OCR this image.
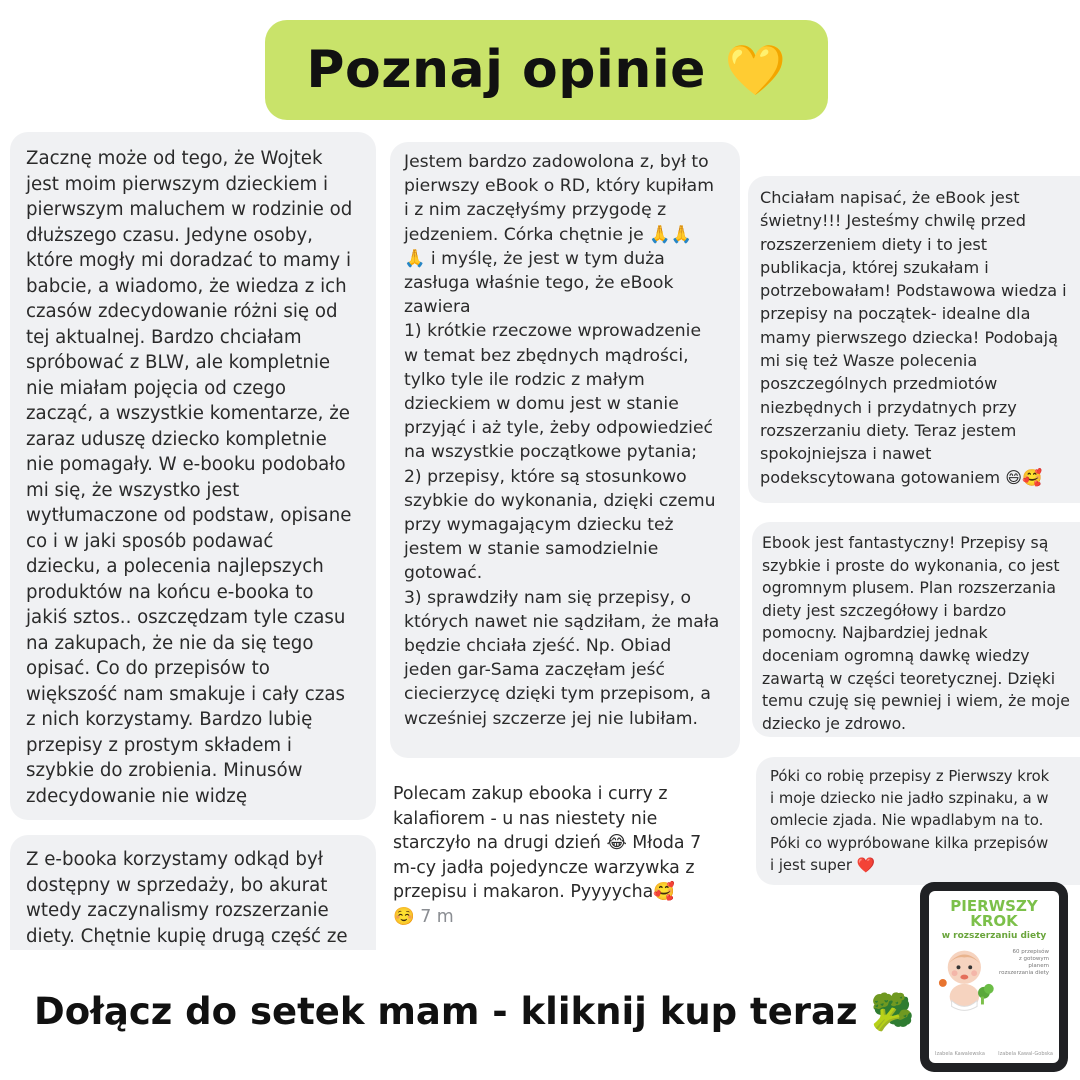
Poznaj opinie 💛
Zacznę może od tego, że Wojtek
jest moim pierwszym dzieckiem i
pierwszym maluchem w rodzinie od
dłuższego czasu. Jedyne osoby,
które mogły mi doradzać to mamy i
babcie, a wiadomo, że wiedza z ich
czasów zdecydowanie różni się od
tej aktualnej. Bardzo chciałam
spróbować z BLW, ale kompletnie
nie miałam pojęcia od czego
zacząć, a wszystkie komentarze, że
zaraz uduszę dziecko kompletnie
nie pomagały. W e-booku podobało
mi się, że wszystko jest
wytłumaczone od podstaw, opisane
co i w jaki sposób podawać
dziecku, a polecenia najlepszych
produktów na końcu e-booka to
jakiś sztos.. oszczędzam tyle czasu
na zakupach, że nie da się tego
opisać. Co do przepisów to
większość nam smakuje i cały czas
z nich korzystamy. Bardzo lubię
przepisy z prostym składem i
szybkie do zrobienia. Minusów
zdecydowanie nie widzę
Z e-booka korzystamy odkąd był
dostępny w sprzedaży, bo akurat
wtedy zaczynalismy rozszerzanie
diety. Chętnie kupię drugą część ze
Jestem bardzo zadowolona z, był to
pierwszy eBook o RD, który kupiłam
i z nim zaczęłyśmy przygodę z
jedzeniem. Córka chętnie je 🙏🙏
🙏 i myślę, że jest w tym duża
zasługa właśnie tego, że eBook
zawiera
1) krótkie rzeczowe wprowadzenie
w temat bez zbędnych mądrości,
tylko tyle ile rodzic z małym
dzieckiem w domu jest w stanie
przyjąć i aż tyle, żeby odpowiedzieć
na wszystkie początkowe pytania;
2) przepisy, które są stosunkowo
szybkie do wykonania, dzięki czemu
przy wymagającym dziecku też
jestem w stanie samodzielnie
gotować.
3) sprawdziły nam się przepisy, o
których nawet nie sądziłam, że mała
będzie chciała zjeść. Np. Obiad
jeden gar-Sama zaczęłam jeść
ciecierzycę dzięki tym przepisom, a
wcześniej szczerze jej nie lubiłam.
Polecam zakup ebooka i curry z
kalafiorem - u nas niestety nie
starczyło na drugi dzień 😂 Młoda 7
m-cy jadła pojedyncze warzywka z
przepisu i makaron. Pyyyycha🥰
☺️ 7 m
Chciałam napisać, że eBook jest
świetny!!! Jesteśmy chwilę przed
rozszerzeniem diety i to jest
publikacja, której szukałam i
potrzebowałam! Podstawowa wiedza i
przepisy na początek- idealne dla
mamy pierwszego dziecka! Podobają
mi się też Wasze polecenia
poszczególnych przedmiotów
niezbędnych i przydatnych przy
rozszerzaniu diety. Teraz jestem
spokojniejsza i nawet
podekscytowana gotowaniem 😄🥰
Ebook jest fantastyczny! Przepisy są
szybkie i proste do wykonania, co jest
ogromnym plusem. Plan rozszerzania
diety jest szczegółowy i bardzo
pomocny. Najbardziej jednak
doceniam ogromną dawkę wiedzy
zawartą w części teoretycznej. Dzięki
temu czuję się pewniej i wiem, że moje
dziecko je zdrowo.
Póki co robię przepisy z Pierwszy krok
i moje dziecko nie jadło szpinaku, a w
omlecie zjada. Nie wpadlabym na to.
Póki co wypróbowane kilka przepisów
i jest super ❤️
Dołącz do setek mam - kliknij kup teraz 🥦
PIERWSZY
KROK
w rozszerzaniu diety
60 przepisów
z gotowym planem
rozszerzania diety
Izabela Kawalewska	Izabela Kawal-Gobska
